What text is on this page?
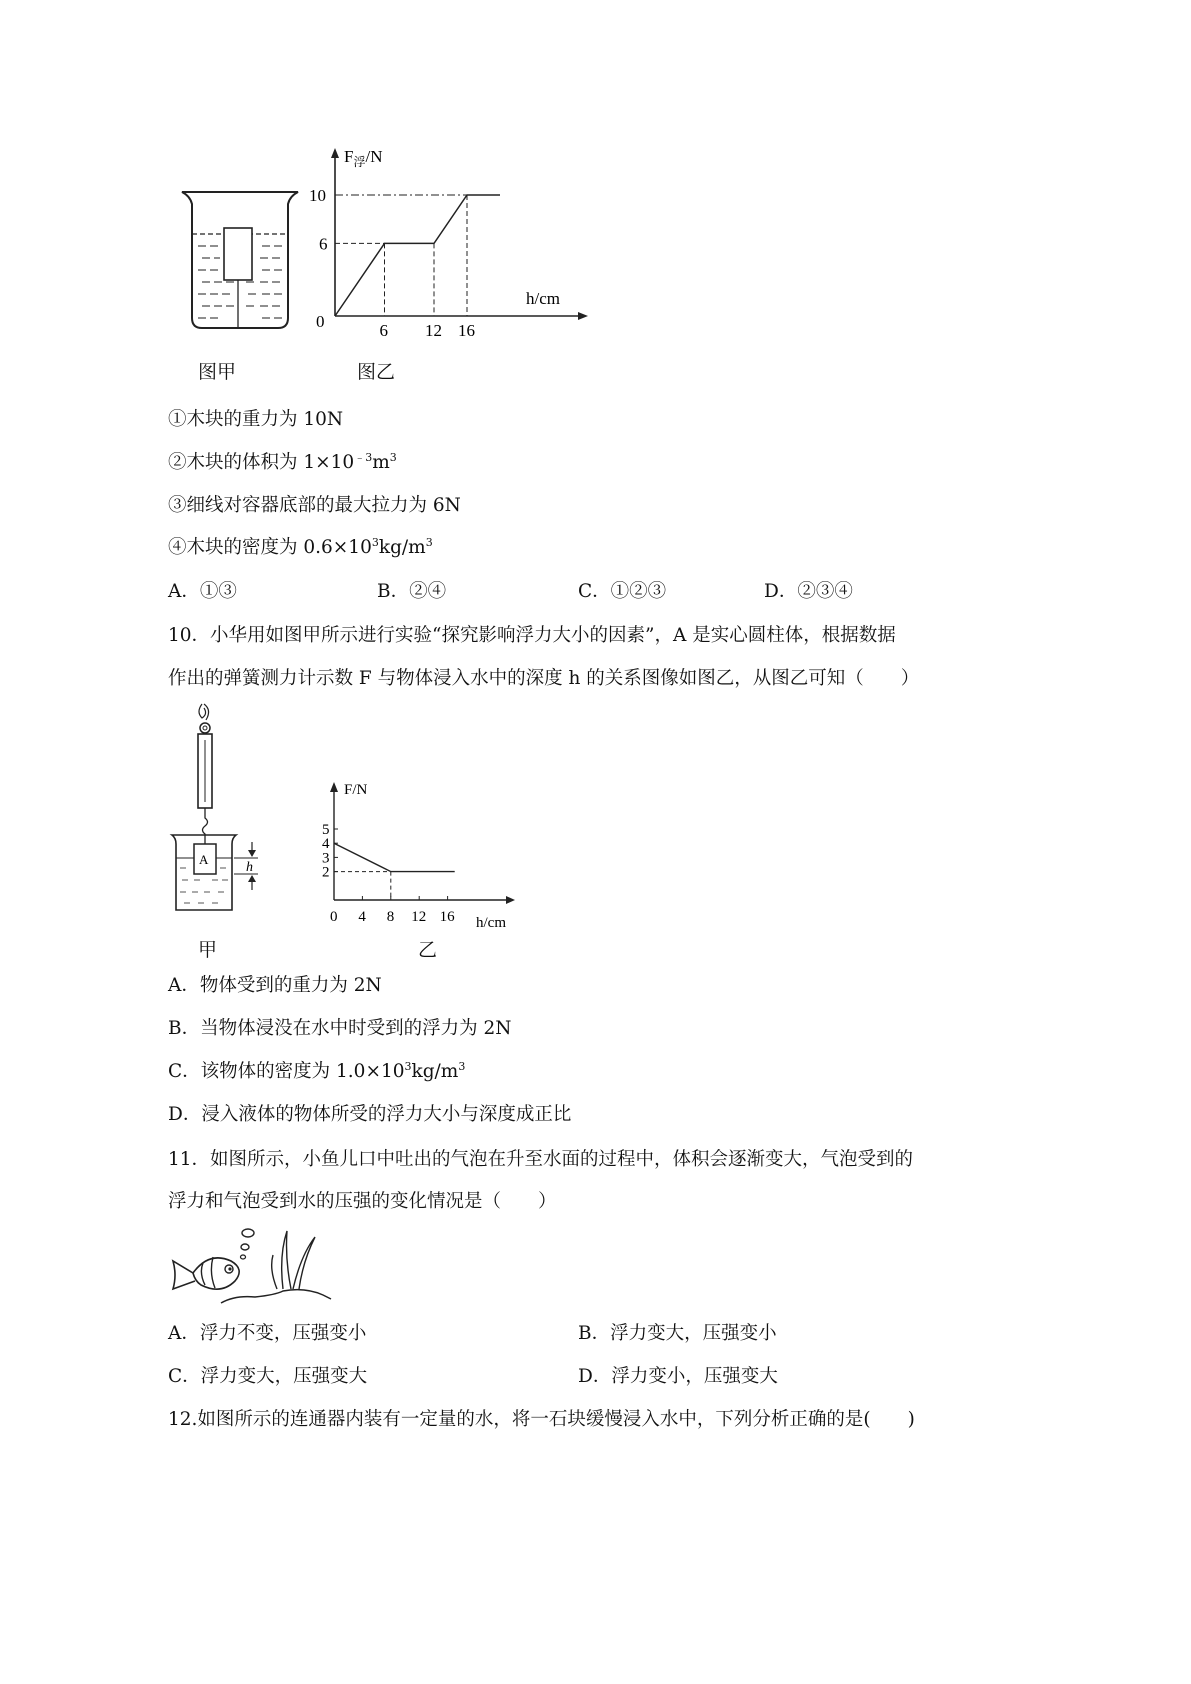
图甲
$F_浮/N$
h/cm
0	6 12 16
6
10
图乙
①木块的重力为 10N
②木块的体积为 $1\times 10^{﹣3}m^3$
③细线对容器底部的最大拉力为 6N
④木块的密度为 $0.6\times 10^3kg/m^3$
A．①③	B．②④	C．①②③	D．②③④
10．小华用如图甲所示进行实验“探究影响浮力大小的因素”，A 是实心圆柱体，根据数据
作出的弹簧测力计示数 F 与物体浸入水中的深度 h 的关系图像如图乙，从图乙可知（　　）
A
h
甲
F/N
h/cm
0 4 8 12 16
2
3
4
5
乙
A．物体受到的重力为 2N
B．当物体浸没在水中时受到的浮力为 2N
C．该物体的密度为 $1.0\times 10^3kg/m^3$
D．浸入液体的物体所受的浮力大小与深度成正比
11．如图所示，小鱼儿口中吐出的气泡在升至水面的过程中，体积会逐渐变大，气泡受到的
浮力和气泡受到水的压强的变化情况是（　　）
A．浮力不变，压强变小	B．浮力变大，压强变小
C．浮力变大，压强变大	D．浮力变小，压强变大
12.如图所示的连通器内装有一定量的水，将一石块缓慢浸入水中，下列分析正确的是(　　)
